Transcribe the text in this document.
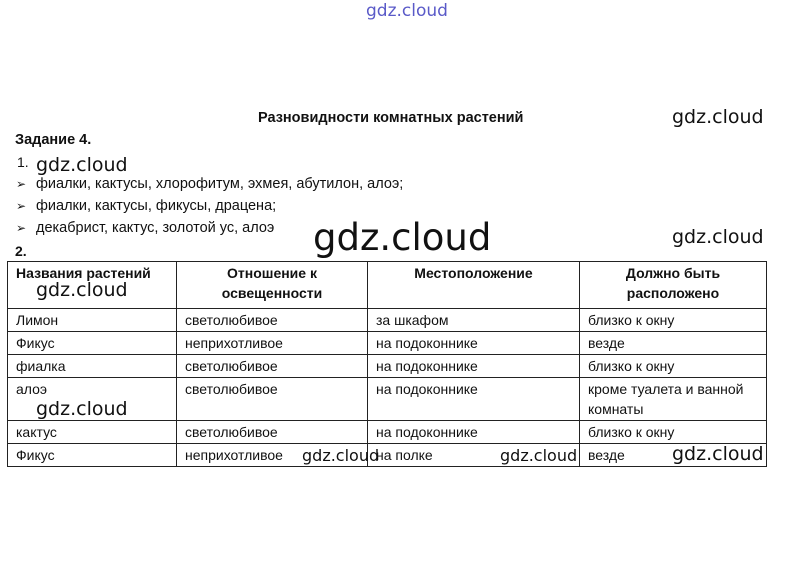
gdz.cloud
gdz.cloud
gdz.cloud
gdz.cloud	gdz.cloud
Разновидности комнатных растений
Задание 4.
1.
➢ фиалки, кактусы, хлорофитум, эхмея, абутилон, алоэ;
➢ фиалки, кактусы, фикусы, драцена;
➢ декабрист, кактус, золотой ус, алоэ
2.
Названия растений	Отношение к освещенности	Местоположение	Должно быть расположено
Лимон	светолюбивое	за шкафом	близко к окну
Фикус	неприхотливое	на подоконнике	везде
фиалка	светолюбивое	на подоконнике	близко к окну
алоэ	светолюбивое	на подоконнике	кроме туалета и ванной комнаты
кактус	светолюбивое	на подоконнике	близко к окну
Фикус	неприхотливое	на полке	везде
gdz.cloud
gdz.cloud
gdz.cloud	gdz.cloud	gdz.cloud
